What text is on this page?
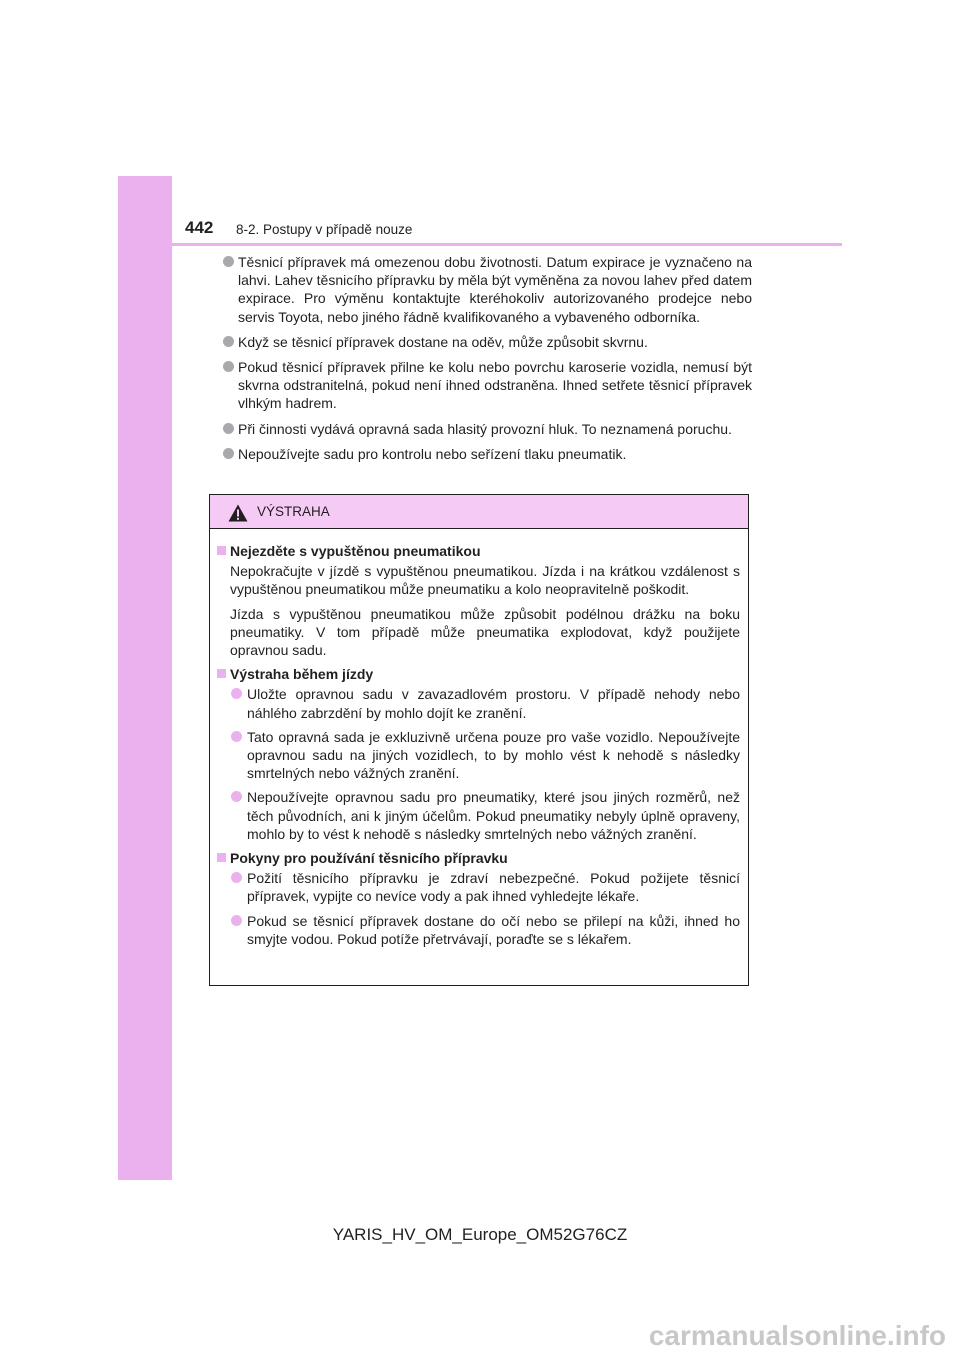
442 8-2. Postupy v případě nouze
Těsnicí přípravek má omezenou dobu životnosti. Datum expirace je vyznačeno na lahvi. Lahev těsnicího přípravku by měla být vyměněna za novou lahev před datem expirace. Pro výměnu kontaktujte kteréhokoliv autorizovaného prodejce nebo servis Toyota, nebo jiného řádně kvalifikovaného a vybaveného odborníka.
Když se těsnicí přípravek dostane na oděv, může způsobit skvrnu.
Pokud těsnicí přípravek přilne ke kolu nebo povrchu karoserie vozidla, nemusí být skvrna odstranitelná, pokud není ihned odstraněna. Ihned setřete těsnicí přípravek vlhkým hadrem.
Při činnosti vydává opravná sada hlasitý provozní hluk. To neznamená poruchu.
Nepoužívejte sadu pro kontrolu nebo seřízení tlaku pneumatik.
VÝSTRAHA
Nejezděte s vypuštěnou pneumatikou
Nepokračujte v jízdě s vypuštěnou pneumatikou. Jízda i na krátkou vzdálenost s vypuštěnou pneumatikou může pneumatiku a kolo neopravitelně poškodit.
Jízda s vypuštěnou pneumatikou může způsobit podélnou drážku na boku pneumatiky. V tom případě může pneumatika explodovat, když použijete opravnou sadu.
Výstraha během jízdy
Uložte opravnou sadu v zavazadlovém prostoru. V případě nehody nebo náhlého zabrzdění by mohlo dojít ke zranění.
Tato opravná sada je exkluzivně určena pouze pro vaše vozidlo. Nepoužívejte opravnou sadu na jiných vozidlech, to by mohlo vést k nehodě s následky smrtelných nebo vážných zranění.
Nepoužívejte opravnou sadu pro pneumatiky, které jsou jiných rozměrů, než těch původních, ani k jiným účelům. Pokud pneumatiky nebyly úplně opraveny, mohlo by to vést k nehodě s následky smrtelných nebo vážných zranění.
Pokyny pro používání těsnicího přípravku
Požití těsnicího přípravku je zdraví nebezpečné. Pokud požijete těsnicí přípravek, vypijte co nevíce vody a pak ihned vyhledejte lékaře.
Pokud se těsnicí přípravek dostane do očí nebo se přilepí na kůži, ihned ho smyjte vodou. Pokud potíže přetrvávají, poraďte se s lékařem.
YARIS_HV_OM_Europe_OM52G76CZ
carmanualsonline.info
